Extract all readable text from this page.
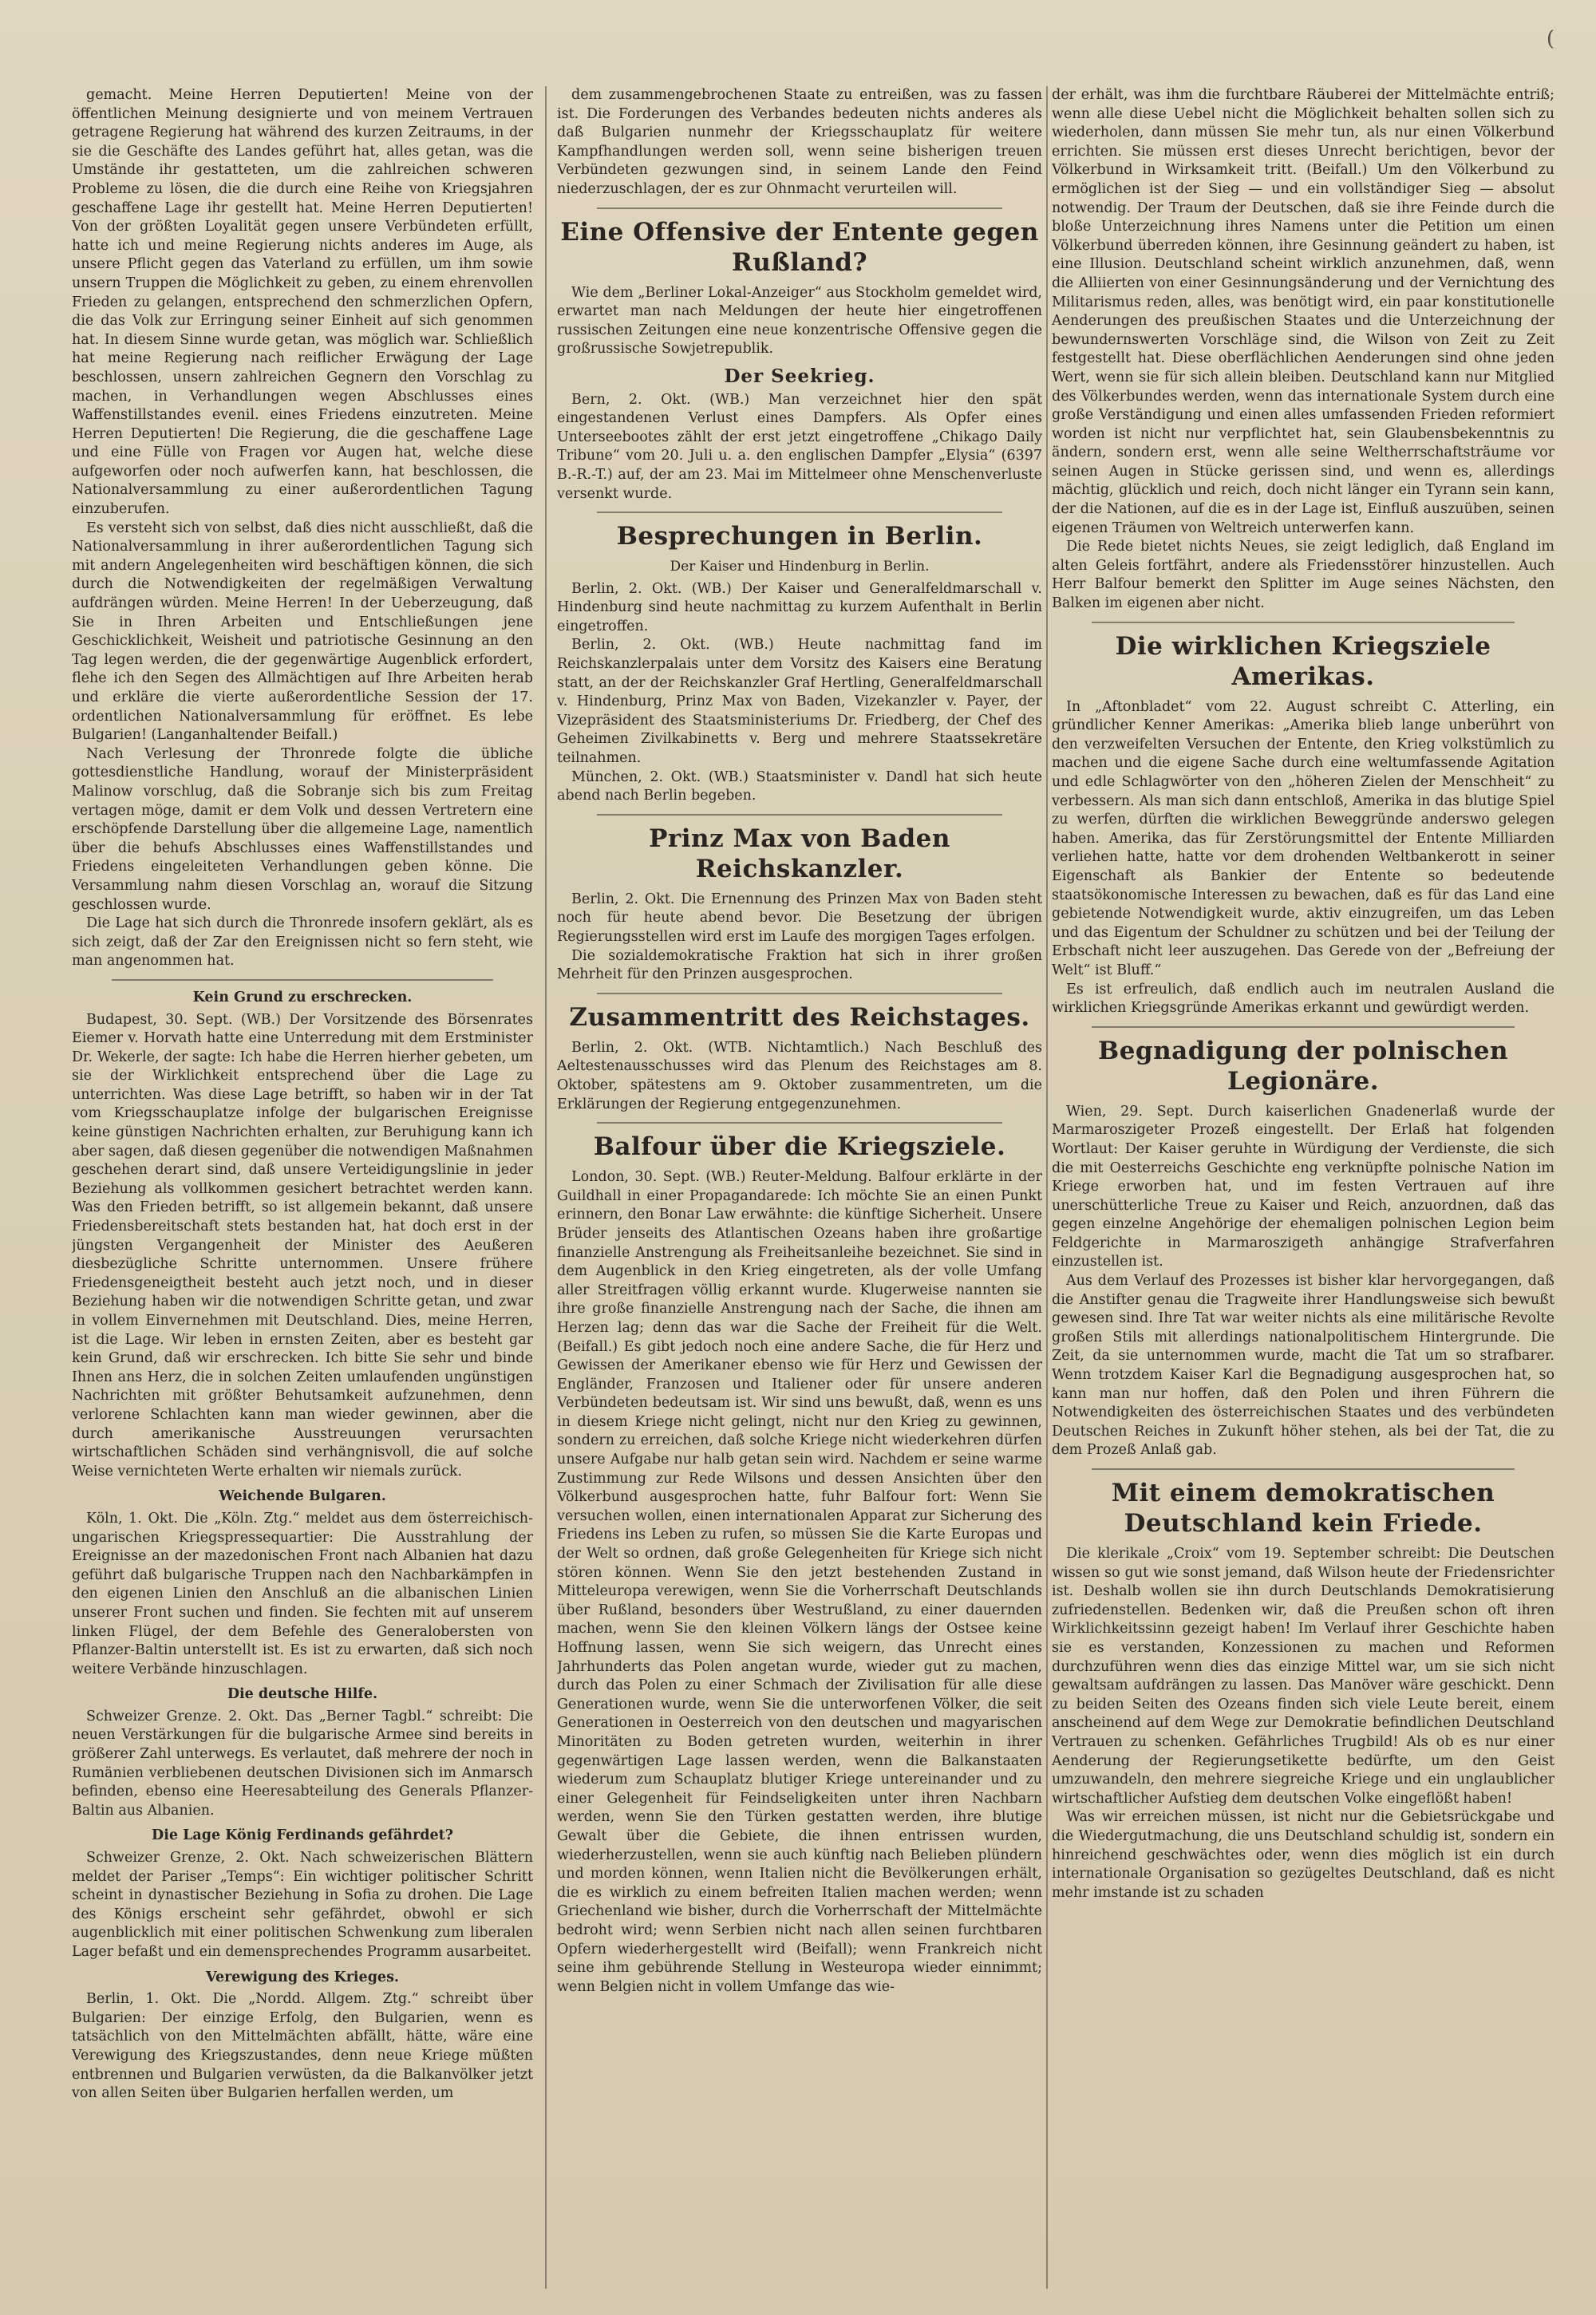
(

gemacht. Meine Herren Deputierten! Meine von der öffentlichen Meinung designierte und von meinem Vertrauen getragene Regierung hat während des kurzen Zeitraums, in der sie die Geschäfte des Landes geführt hat, alles getan, was die Umstände ihr gestatteten, um die zahlreichen schweren Probleme zu lösen, die die durch eine Reihe von Kriegsjahren geschaffene Lage ihr gestellt hat. Meine Herren Deputierten! Von der größten Loyalität gegen unsere Verbündeten erfüllt, hatte ich und meine Regierung nichts anderes im Auge, als unsere Pflicht gegen das Vaterland zu erfüllen, um ihm sowie unsern Truppen die Möglichkeit zu geben, zu einem ehrenvollen Frieden zu gelangen, entsprechend den schmerzlichen Opfern, die das Volk zur Erringung seiner Einheit auf sich genommen hat. In diesem Sinne wurde getan, was möglich war. Schließlich hat meine Regierung nach reiflicher Erwägung der Lage beschlossen, unsern zahlreichen Gegnern den Vorschlag zu machen, in Verhandlungen wegen Abschlusses eines Waffenstillstandes evenil. eines Friedens einzutreten. Meine Herren Deputierten! Die Regierung, die die geschaffene Lage und eine Fülle von Fragen vor Augen hat, welche diese aufgeworfen oder noch aufwerfen kann, hat beschlossen, die Nationalversammlung zu einer außerordentlichen Tagung einzuberufen.

Es versteht sich von selbst, daß dies nicht ausschließt, daß die Nationalversammlung in ihrer außerordentlichen Tagung sich mit andern Angelegenheiten wird beschäftigen können, die sich durch die Notwendigkeiten der regelmäßigen Verwaltung aufdrängen würden. Meine Herren! In der Ueberzeugung, daß Sie in Ihren Arbeiten und Entschließungen jene Geschicklichkeit, Weisheit und patriotische Gesinnung an den Tag legen werden, die der gegenwärtige Augenblick erfordert, flehe ich den Segen des Allmächtigen auf Ihre Arbeiten herab und erkläre die vierte außerordentliche Session der 17. ordentlichen Nationalversammlung für eröffnet. Es lebe Bulgarien! (Langanhaltender Beifall.)

Nach Verlesung der Thronrede folgte die übliche gottesdienstliche Handlung, worauf der Ministerpräsident Malinow vorschlug, daß die Sobranje sich bis zum Freitag vertagen möge, damit er dem Volk und dessen Vertretern eine erschöpfende Darstellung über die allgemeine Lage, namentlich über die behufs Abschlusses eines Waffenstillstandes und Friedens eingeleiteten Verhandlungen geben könne. Die Versammlung nahm diesen Vorschlag an, worauf die Sitzung geschlossen wurde.

Die Lage hat sich durch die Thronrede insofern geklärt, als es sich zeigt, daß der Zar den Ereignissen nicht so fern steht, wie man angenommen hat.

Kein Grund zu erschrecken.

Budapest, 30. Sept. (WB.) Der Vorsitzende des Börsenrates Eiemer v. Horvath hatte eine Unterredung mit dem Erstminister Dr. Wekerle, der sagte: Ich habe die Herren hierher gebeten, um sie der Wirklichkeit entsprechend über die Lage zu unterrichten. Was diese Lage betrifft, so haben wir in der Tat vom Kriegsschauplatze infolge der bulgarischen Ereignisse keine günstigen Nachrichten erhalten, zur Beruhigung kann ich aber sagen, daß diesen gegenüber die notwendigen Maßnahmen geschehen derart sind, daß unsere Verteidigungslinie in jeder Beziehung als vollkommen gesichert betrachtet werden kann. Was den Frieden betrifft, so ist allgemein bekannt, daß unsere Friedensbereitschaft stets bestanden hat, hat doch erst in der jüngsten Vergangenheit der Minister des Aeußeren diesbezügliche Schritte unternommen. Unsere frühere Friedensgeneigtheit besteht auch jetzt noch, und in dieser Beziehung haben wir die notwendigen Schritte getan, und zwar in vollem Einvernehmen mit Deutschland. Dies, meine Herren, ist die Lage. Wir leben in ernsten Zeiten, aber es besteht gar kein Grund, daß wir erschrecken. Ich bitte Sie sehr und binde Ihnen ans Herz, die in solchen Zeiten umlaufenden ungünstigen Nachrichten mit größter Behutsamkeit aufzunehmen, denn verlorene Schlachten kann man wieder gewinnen, aber die durch amerikanische Ausstreuungen verursachten wirtschaftlichen Schäden sind verhängnisvoll, die auf solche Weise vernichteten Werte erhalten wir niemals zurück.

Weichende Bulgaren.

Köln, 1. Okt. Die „Köln. Ztg.“ meldet aus dem österreichisch-ungarischen Kriegspressequartier: Die Ausstrahlung der Ereignisse an der mazedonischen Front nach Albanien hat dazu geführt daß bulgarische Truppen nach den Nachbarkämpfen in den eigenen Linien den Anschluß an die albanischen Linien unserer Front suchen und finden. Sie fechten mit auf unserem linken Flügel, der dem Befehle des Generalobersten von Pflanzer-Baltin unterstellt ist. Es ist zu erwarten, daß sich noch weitere Verbände hinzuschlagen.

Die deutsche Hilfe.

Schweizer Grenze. 2. Okt. Das „Berner Tagbl.“ schreibt: Die neuen Verstärkungen für die bulgarische Armee sind bereits in größerer Zahl unterwegs. Es verlautet, daß mehrere der noch in Rumänien verbliebenen deutschen Divisionen sich im Anmarsch befinden, ebenso eine Heeresabteilung des Generals Pflanzer-Baltin aus Albanien.

Die Lage König Ferdinands gefährdet?

Schweizer Grenze, 2. Okt. Nach schweizerischen Blättern meldet der Pariser „Temps“: Ein wichtiger politischer Schritt scheint in dynastischer Beziehung in Sofia zu drohen. Die Lage des Königs erscheint sehr gefährdet, obwohl er sich augenblicklich mit einer politischen Schwenkung zum liberalen Lager befaßt und ein demensprechendes Programm ausarbeitet.

Verewigung des Krieges.

Berlin, 1. Okt. Die „Nordd. Allgem. Ztg.“ schreibt über Bulgarien: Der einzige Erfolg, den Bulgarien, wenn es tatsächlich von den Mittelmächten abfällt, hätte, wäre eine Verewigung des Kriegszustandes, denn neue Kriege müßten entbrennen und Bulgarien verwüsten, da die Balkanvölker jetzt von allen Seiten über Bulgarien herfallen werden, um

dem zusammengebrochenen Staate zu entreißen, was zu fassen ist. Die Forderungen des Verbandes bedeuten nichts anderes als daß Bulgarien nunmehr der Kriegsschauplatz für weitere Kampfhandlungen werden soll, wenn seine bisherigen treuen Verbündeten gezwungen sind, in seinem Lande den Feind niederzuschlagen, der es zur Ohnmacht verurteilen will.

Eine Offensive der Entente gegen Rußland?

Wie dem „Berliner Lokal-Anzeiger“ aus Stockholm gemeldet wird, erwartet man nach Meldungen der heute hier eingetroffenen russischen Zeitungen eine neue konzentrische Offensive gegen die großrussische Sowjetrepublik.

Der Seekrieg.

Bern, 2. Okt. (WB.) Man verzeichnet hier den spät eingestandenen Verlust eines Dampfers. Als Opfer eines Unterseebootes zählt der erst jetzt eingetroffene „Chikago Daily Tribune“ vom 20. Juli u. a. den englischen Dampfer „Elysia“ (6397 B.-R.-T.) auf, der am 23. Mai im Mittelmeer ohne Menschenverluste versenkt wurde.

Besprechungen in Berlin.
Der Kaiser und Hindenburg in Berlin.

Berlin, 2. Okt. (WB.) Der Kaiser und Generalfeldmarschall v. Hindenburg sind heute nachmittag zu kurzem Aufenthalt in Berlin eingetroffen.

Berlin, 2. Okt. (WB.) Heute nachmittag fand im Reichskanzlerpalais unter dem Vorsitz des Kaisers eine Beratung statt, an der der Reichskanzler Graf Hertling, Generalfeldmarschall v. Hindenburg, Prinz Max von Baden, Vizekanzler v. Payer, der Vizepräsident des Staatsministeriums Dr. Friedberg, der Chef des Geheimen Zivilkabinetts v. Berg und mehrere Staatssekretäre teilnahmen.

München, 2. Okt. (WB.) Staatsminister v. Dandl hat sich heute abend nach Berlin begeben.

Prinz Max von Baden Reichskanzler.

Berlin, 2. Okt. Die Ernennung des Prinzen Max von Baden steht noch für heute abend bevor. Die Besetzung der übrigen Regierungsstellen wird erst im Laufe des morgigen Tages erfolgen.

Die sozialdemokratische Fraktion hat sich in ihrer großen Mehrheit für den Prinzen ausgesprochen.

Zusammentritt des Reichstages.

Berlin, 2. Okt. (WTB. Nichtamtlich.) Nach Beschluß des Aeltestenausschusses wird das Plenum des Reichstages am 8. Oktober, spätestens am 9. Oktober zusammentreten, um die Erklärungen der Regierung entgegenzunehmen.

Balfour über die Kriegsziele.

London, 30. Sept. (WB.) Reuter-Meldung. Balfour erklärte in der Guildhall in einer Propagandarede: Ich möchte Sie an einen Punkt erinnern, den Bonar Law erwähnte: die künftige Sicherheit. Unsere Brüder jenseits des Atlantischen Ozeans haben ihre großartige finanzielle Anstrengung als Freiheitsanleihe bezeichnet. Sie sind in dem Augenblick in den Krieg eingetreten, als der volle Umfang aller Streitfragen völlig erkannt wurde. Klugerweise nannten sie ihre große finanzielle Anstrengung nach der Sache, die ihnen am Herzen lag; denn das war die Sache der Freiheit für die Welt. (Beifall.) Es gibt jedoch noch eine andere Sache, die für Herz und Gewissen der Amerikaner ebenso wie für Herz und Gewissen der Engländer, Franzosen und Italiener oder für unsere anderen Verbündeten bedeutsam ist. Wir sind uns bewußt, daß, wenn es uns in diesem Kriege nicht gelingt, nicht nur den Krieg zu gewinnen, sondern zu erreichen, daß solche Kriege nicht wiederkehren dürfen unsere Aufgabe nur halb getan sein wird. Nachdem er seine warme Zustimmung zur Rede Wilsons und dessen Ansichten über den Völkerbund ausgesprochen hatte, fuhr Balfour fort: Wenn Sie versuchen wollen, einen internationalen Apparat zur Sicherung des Friedens ins Leben zu rufen, so müssen Sie die Karte Europas und der Welt so ordnen, daß große Gelegenheiten für Kriege sich nicht stören können. Wenn Sie den jetzt bestehenden Zustand in Mitteleuropa verewigen, wenn Sie die Vorherrschaft Deutschlands über Rußland, besonders über Westrußland, zu einer dauernden machen, wenn Sie den kleinen Völkern längs der Ostsee keine Hoffnung lassen, wenn Sie sich weigern, das Unrecht eines Jahrhunderts das Polen angetan wurde, wieder gut zu machen, durch das Polen zu einer Schmach der Zivilisation für alle diese Generationen wurde, wenn Sie die unterworfenen Völker, die seit Generationen in Oesterreich von den deutschen und magyarischen Minoritäten zu Boden getreten wurden, weiterhin in ihrer gegenwärtigen Lage lassen werden, wenn die Balkanstaaten wiederum zum Schauplatz blutiger Kriege untereinander und zu einer Gelegenheit für Feindseligkeiten unter ihren Nachbarn werden, wenn Sie den Türken gestatten werden, ihre blutige Gewalt über die Gebiete, die ihnen entrissen wurden, wiederherzustellen, wenn sie auch künftig nach Belieben plündern und morden können, wenn Italien nicht die Bevölkerungen erhält, die es wirklich zu einem befreiten Italien machen werden; wenn Griechenland wie bisher, durch die Vorherrschaft der Mittelmächte bedroht wird; wenn Serbien nicht nach allen seinen furchtbaren Opfern wiederhergestellt wird (Beifall); wenn Frankreich nicht seine ihm gebührende Stellung in Westeuropa wieder einnimmt; wenn Belgien nicht in vollem Umfange das wie-

der erhält, was ihm die furchtbare Räuberei der Mittelmächte entriß; wenn alle diese Uebel nicht die Möglichkeit behalten sollen sich zu wiederholen, dann müssen Sie mehr tun, als nur einen Völkerbund errichten. Sie müssen erst dieses Unrecht berichtigen, bevor der Völkerbund in Wirksamkeit tritt. (Beifall.) Um den Völkerbund zu ermöglichen ist der Sieg — und ein vollständiger Sieg — absolut notwendig. Der Traum der Deutschen, daß sie ihre Feinde durch die bloße Unterzeichnung ihres Namens unter die Petition um einen Völkerbund überreden können, ihre Gesinnung geändert zu haben, ist eine Illusion. Deutschland scheint wirklich anzunehmen, daß, wenn die Alliierten von einer Gesinnungsänderung und der Vernichtung des Militarismus reden, alles, was benötigt wird, ein paar konstitutionelle Aenderungen des preußischen Staates und die Unterzeichnung der bewundernswerten Vorschläge sind, die Wilson von Zeit zu Zeit festgestellt hat. Diese oberflächlichen Aenderungen sind ohne jeden Wert, wenn sie für sich allein bleiben. Deutschland kann nur Mitglied des Völkerbundes werden, wenn das internationale System durch eine große Verständigung und einen alles umfassenden Frieden reformiert worden ist nicht nur verpflichtet hat, sein Glaubensbekenntnis zu ändern, sondern erst, wenn alle seine Weltherrschaftsträume vor seinen Augen in Stücke gerissen sind, und wenn es, allerdings mächtig, glücklich und reich, doch nicht länger ein Tyrann sein kann, der die Nationen, auf die es in der Lage ist, Einfluß auszuüben, seinen eigenen Träumen von Weltreich unterwerfen kann.

Die Rede bietet nichts Neues, sie zeigt lediglich, daß England im alten Geleis fortfährt, andere als Friedensstörer hinzustellen. Auch Herr Balfour bemerkt den Splitter im Auge seines Nächsten, den Balken im eigenen aber nicht.

Die wirklichen Kriegsziele Amerikas.

In „Aftonbladet“ vom 22. August schreibt C. Atterling, ein gründlicher Kenner Amerikas: „Amerika blieb lange unberührt von den verzweifelten Versuchen der Entente, den Krieg volkstümlich zu machen und die eigene Sache durch eine weltumfassende Agitation und edle Schlagwörter von den „höheren Zielen der Menschheit“ zu verbessern. Als man sich dann entschloß, Amerika in das blutige Spiel zu werfen, dürften die wirklichen Beweggründe anderswo gelegen haben. Amerika, das für Zerstörungsmittel der Entente Milliarden verliehen hatte, hatte vor dem drohenden Weltbankerott in seiner Eigenschaft als Bankier der Entente so bedeutende staatsökonomische Interessen zu bewachen, daß es für das Land eine gebietende Notwendigkeit wurde, aktiv einzugreifen, um das Leben und das Eigentum der Schuldner zu schützen und bei der Teilung der Erbschaft nicht leer auszugehen. Das Gerede von der „Befreiung der Welt“ ist Bluff.“

Es ist erfreulich, daß endlich auch im neutralen Ausland die wirklichen Kriegsgründe Amerikas erkannt und gewürdigt werden.

Begnadigung der polnischen Legionäre.

Wien, 29. Sept. Durch kaiserlichen Gnadenerlaß wurde der Marmaroszigeter Prozeß eingestellt. Der Erlaß hat folgenden Wortlaut: Der Kaiser geruhte in Würdigung der Verdienste, die sich die mit Oesterreichs Geschichte eng verknüpfte polnische Nation im Kriege erworben hat, und im festen Vertrauen auf ihre unerschütterliche Treue zu Kaiser und Reich, anzuordnen, daß das gegen einzelne Angehörige der ehemaligen polnischen Legion beim Feldgerichte in Marmaroszigeth anhängige Strafverfahren einzustellen ist.

Aus dem Verlauf des Prozesses ist bisher klar hervorgegangen, daß die Anstifter genau die Tragweite ihrer Handlungsweise sich bewußt gewesen sind. Ihre Tat war weiter nichts als eine militärische Revolte großen Stils mit allerdings nationalpolitischem Hintergrunde. Die Zeit, da sie unternommen wurde, macht die Tat um so strafbarer. Wenn trotzdem Kaiser Karl die Begnadigung ausgesprochen hat, so kann man nur hoffen, daß den Polen und ihren Führern die Notwendigkeiten des österreichischen Staates und des verbündeten Deutschen Reiches in Zukunft höher stehen, als bei der Tat, die zu dem Prozeß Anlaß gab.

Mit einem demokratischen Deutschland kein Friede.

Die klerikale „Croix“ vom 19. September schreibt: Die Deutschen wissen so gut wie sonst jemand, daß Wilson heute der Friedensrichter ist. Deshalb wollen sie ihn durch Deutschlands Demokratisierung zufriedenstellen. Bedenken wir, daß die Preußen schon oft ihren Wirklichkeitssinn gezeigt haben! Im Verlauf ihrer Geschichte haben sie es verstanden, Konzessionen zu machen und Reformen durchzuführen wenn dies das einzige Mittel war, um sie sich nicht gewaltsam aufdrängen zu lassen. Das Manöver wäre geschickt. Denn zu beiden Seiten des Ozeans finden sich viele Leute bereit, einem anscheinend auf dem Wege zur Demokratie befindlichen Deutschland Vertrauen zu schenken. Gefährliches Trugbild! Als ob es nur einer Aenderung der Regierungsetikette bedürfte, um den Geist umzuwandeln, den mehrere siegreiche Kriege und ein unglaublicher wirtschaftlicher Aufstieg dem deutschen Volke eingeflößt haben!

Was wir erreichen müssen, ist nicht nur die Gebietsrückgabe und die Wiedergutmachung, die uns Deutschland schuldig ist, sondern ein hinreichend geschwächtes oder, wenn dies möglich ist ein durch internationale Organisation so gezügeltes Deutschland, daß es nicht mehr imstande ist zu schaden
